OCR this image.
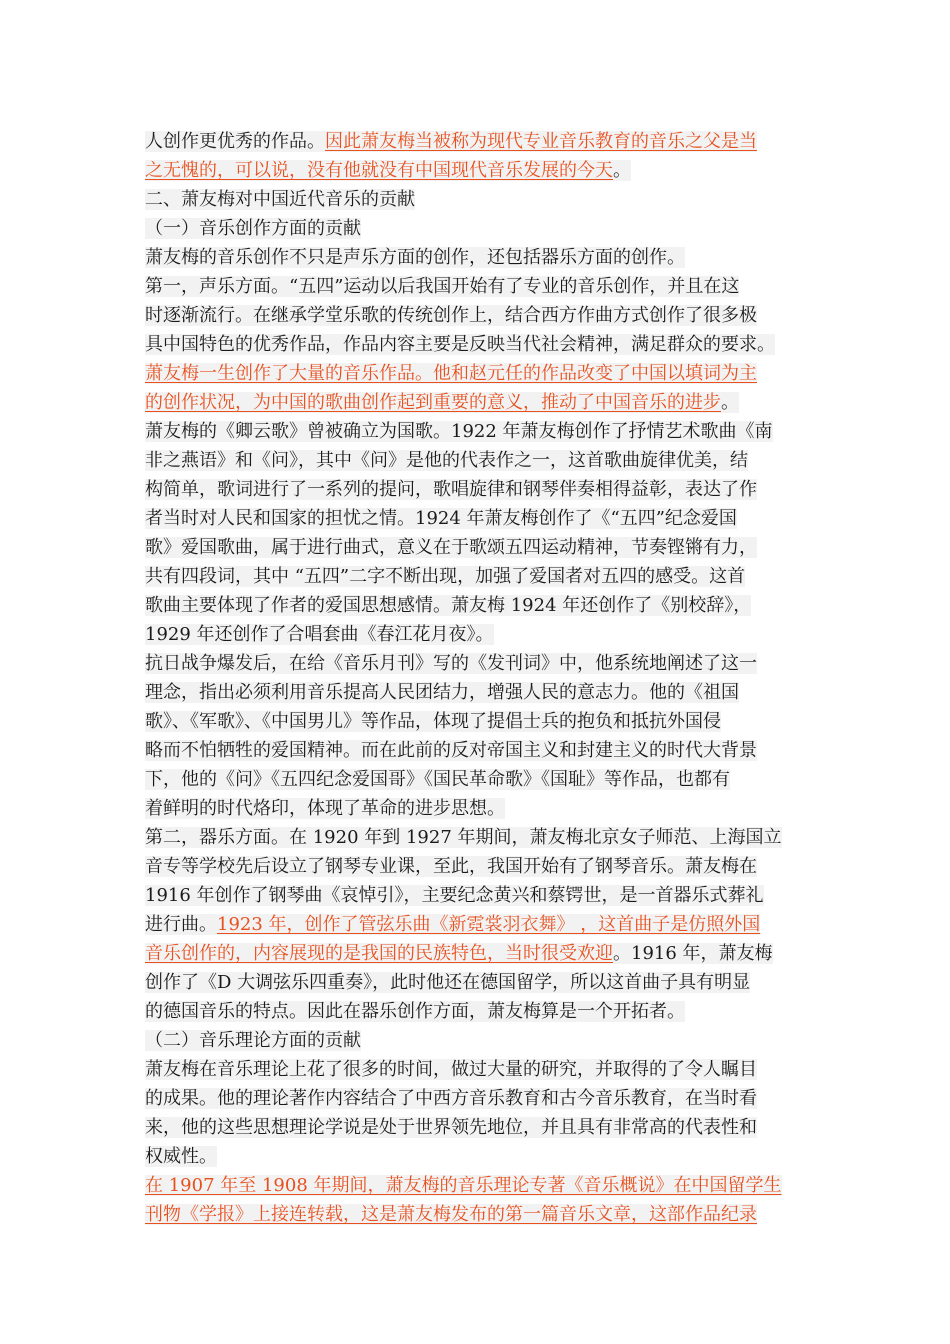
人创作更优秀的作品。因此萧友梅当被称为现代专业音乐教育的音乐之父是当
之无愧的，可以说，没有他就没有中国现代音乐发展的今天。
二、萧友梅对中国近代音乐的贡献
（一）音乐创作方面的贡献
萧友梅的音乐创作不只是声乐方面的创作，还包括器乐方面的创作。
第一，声乐方面。“五四”运动以后我国开始有了专业的音乐创作，并且在这
时逐渐流行。在继承学堂乐歌的传统创作上，结合西方作曲方式创作了很多极
具中国特色的优秀作品，作品内容主要是反映当代社会精神，满足群众的要求。
萧友梅一生创作了大量的音乐作品。他和赵元任的作品改变了中国以填词为主
的创作状况，为中国的歌曲创作起到重要的意义，推动了中国音乐的进步。
萧友梅的《卿云歌》曾被确立为国歌。1922 年萧友梅创作了抒情艺术歌曲《南
非之燕语》和《问》，其中《问》是他的代表作之一，这首歌曲旋律优美，结
构简单，歌词进行了一系列的提问，歌唱旋律和钢琴伴奏相得益彰，表达了作
者当时对人民和国家的担忧之情。1924 年萧友梅创作了《“五四”纪念爱国
歌》爱国歌曲，属于进行曲式，意义在于歌颂五四运动精神，节奏铿锵有力，
共有四段词，其中 “五四”二字不断出现，加强了爱国者对五四的感受。这首
歌曲主要体现了作者的爱国思想感情。萧友梅 1924 年还创作了《别校辞》，
1929 年还创作了合唱套曲《春江花月夜》。
抗日战争爆发后，在给《音乐月刊》写的《发刊词》中，他系统地阐述了这一
理念，指出必须利用音乐提高人民团结力，增强人民的意志力。他的《祖国
歌》、《军歌》、《中国男儿》等作品，体现了提倡士兵的抱负和抵抗外国侵
略而不怕牺牲的爱国精神。而在此前的反对帝国主义和封建主义的时代大背景
下，他的《问》《五四纪念爱国哥》《国民革命歌》《国耻》等作品，也都有
着鲜明的时代烙印，体现了革命的进步思想。
第二，器乐方面。在 1920 年到 1927 年期间，萧友梅北京女子师范、上海国立
音专等学校先后设立了钢琴专业课，至此，我国开始有了钢琴音乐。萧友梅在
1916 年创作了钢琴曲《哀悼引》，主要纪念黄兴和蔡锷世，是一首器乐式葬礼
进行曲。1923 年，创作了管弦乐曲《新霓裳羽衣舞》 ，这首曲子是仿照外国
音乐创作的，内容展现的是我国的民族特色，当时很受欢迎。1916 年，萧友梅
创作了《D 大调弦乐四重奏》，此时他还在德国留学，所以这首曲子具有明显
的德国音乐的特点。因此在器乐创作方面，萧友梅算是一个开拓者。
（二）音乐理论方面的贡献
萧友梅在音乐理论上花了很多的时间，做过大量的研究，并取得的了令人瞩目
的成果。他的理论著作内容结合了中西方音乐教育和古今音乐教育，在当时看
来，他的这些思想理论学说是处于世界领先地位，并且具有非常高的代表性和
权威性。
在 1907 年至 1908 年期间，萧友梅的音乐理论专著《音乐概说》在中国留学生
刊物《学报》上接连转载，这是萧友梅发布的第一篇音乐文章，这部作品纪录
